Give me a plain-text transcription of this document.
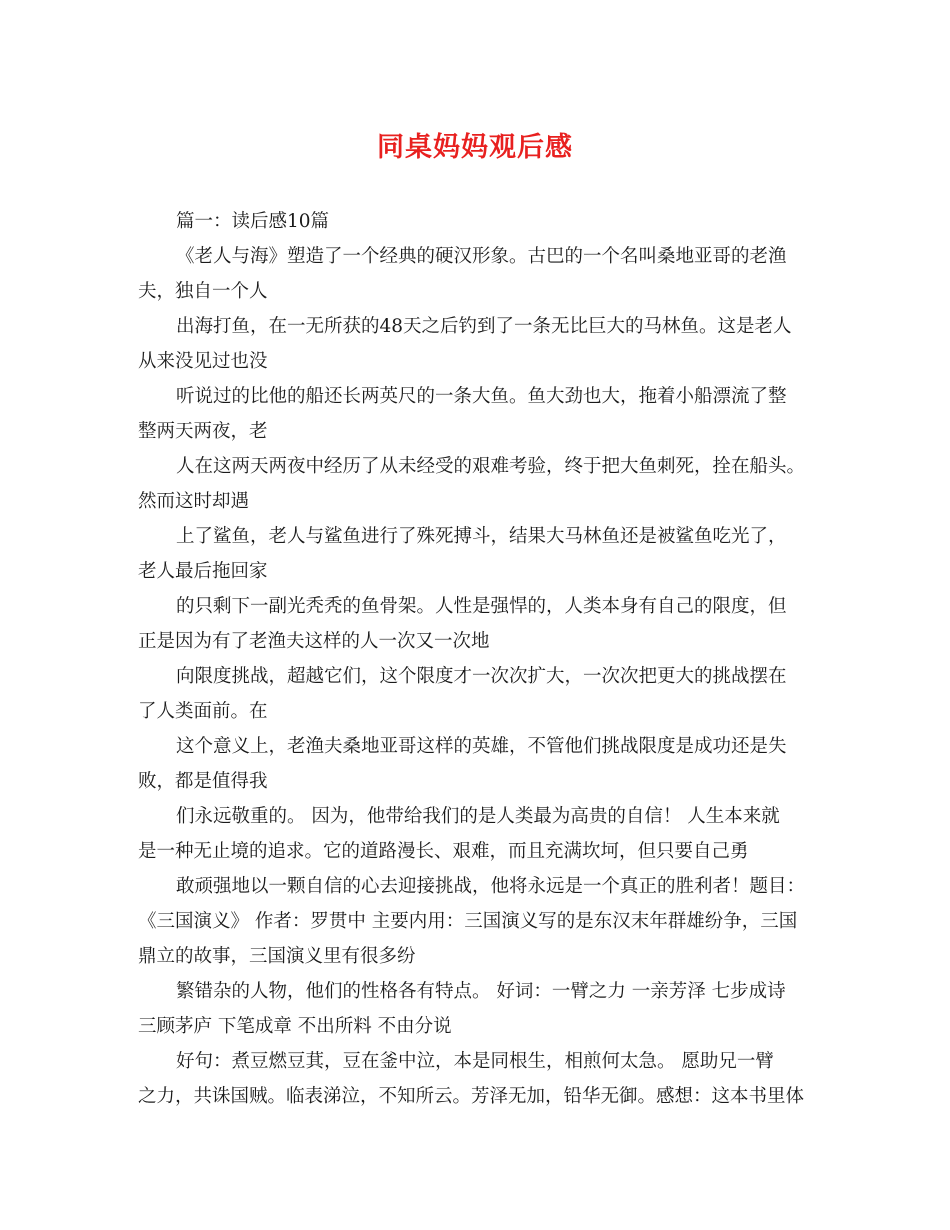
同桌妈妈观后感
篇一：读后感10篇
《老人与海》塑造了一个经典的硬汉形象。古巴的一个名叫桑地亚哥的老渔
夫，独自一个人
出海打鱼，在一无所获的48天之后钓到了一条无比巨大的马林鱼。这是老人
从来没见过也没
听说过的比他的船还长两英尺的一条大鱼。鱼大劲也大，拖着小船漂流了整
整两天两夜，老
人在这两天两夜中经历了从未经受的艰难考验，终于把大鱼刺死，拴在船头。
然而这时却遇
上了鲨鱼，老人与鲨鱼进行了殊死搏斗，结果大马林鱼还是被鲨鱼吃光了，
老人最后拖回家
的只剩下一副光秃秃的鱼骨架。人性是强悍的，人类本身有自己的限度，但
正是因为有了老渔夫这样的人一次又一次地
向限度挑战，超越它们，这个限度才一次次扩大，一次次把更大的挑战摆在
了人类面前。在
这个意义上，老渔夫桑地亚哥这样的英雄，不管他们挑战限度是成功还是失
败，都是值得我
们永远敬重的。 因为，他带给我们的是人类最为高贵的自信！ 人生本来就
是一种无止境的追求。它的道路漫长、艰难，而且充满坎坷，但只要自己勇
敢顽强地以一颗自信的心去迎接挑战，他将永远是一个真正的胜利者！题目：
《三国演义》 作者：罗贯中 主要内用：三国演义写的是东汉末年群雄纷争，三国
鼎立的故事，三国演义里有很多纷
繁错杂的人物，他们的性格各有特点。 好词：一臂之力 一亲芳泽 七步成诗
三顾茅庐 下笔成章 不出所料 不由分说
好句：煮豆燃豆萁，豆在釜中泣，本是同根生，相煎何太急。 愿助兄一臂
之力，共诛国贼。临表涕泣，不知所云。芳泽无加，铅华无御。感想：这本书里体
